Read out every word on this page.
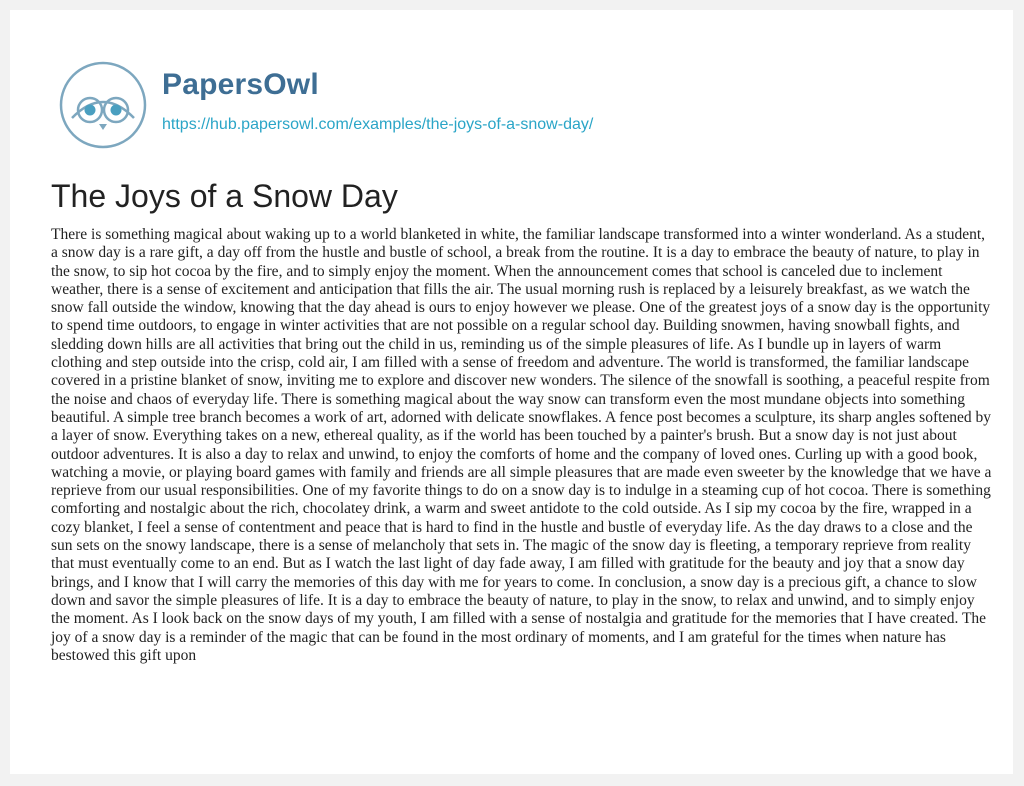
PapersOwl
https://hub.papersowl.com/examples/the-joys-of-a-snow-day/
The Joys of a Snow Day

There is something magical about waking up to a world blanketed in white, the familiar landscape transformed into a winter wonderland. As a student, a snow day is a rare gift, a day off from the hustle and bustle of school, a break from the routine. It is a day to embrace the beauty of nature, to play in the snow, to sip hot cocoa by the fire, and to simply enjoy the moment. When the announcement comes that school is canceled due to inclement weather, there is a sense of excitement and anticipation that fills the air. The usual morning rush is replaced by a leisurely breakfast, as we watch the snow fall outside the window, knowing that the day ahead is ours to enjoy however we please. One of the greatest joys of a snow day is the opportunity to spend time outdoors, to engage in winter activities that are not possible on a regular school day. Building snowmen, having snowball fights, and sledding down hills are all activities that bring out the child in us, reminding us of the simple pleasures of life. As I bundle up in layers of warm clothing and step outside into the crisp, cold air, I am filled with a sense of freedom and adventure. The world is transformed, the familiar landscape covered in a pristine blanket of snow, inviting me to explore and discover new wonders. The silence of the snowfall is soothing, a peaceful respite from the noise and chaos of everyday life. There is something magical about the way snow can transform even the most mundane objects into something beautiful. A simple tree branch becomes a work of art, adorned with delicate snowflakes. A fence post becomes a sculpture, its sharp angles softened by a layer of snow. Everything takes on a new, ethereal quality, as if the world has been touched by a painter's brush. But a snow day is not just about outdoor adventures. It is also a day to relax and unwind, to enjoy the comforts of home and the company of loved ones. Curling up with a good book, watching a movie, or playing board games with family and friends are all simple pleasures that are made even sweeter by the knowledge that we have a reprieve from our usual responsibilities. One of my favorite things to do on a snow day is to indulge in a steaming cup of hot cocoa. There is something comforting and nostalgic about the rich, chocolatey drink, a warm and sweet antidote to the cold outside. As I sip my cocoa by the fire, wrapped in a cozy blanket, I feel a sense of contentment and peace that is hard to find in the hustle and bustle of everyday life. As the day draws to a close and the sun sets on the snowy landscape, there is a sense of melancholy that sets in. The magic of the snow day is fleeting, a temporary reprieve from reality that must eventually come to an end. But as I watch the last light of day fade away, I am filled with gratitude for the beauty and joy that a snow day brings, and I know that I will carry the memories of this day with me for years to come. In conclusion, a snow day is a precious gift, a chance to slow down and savor the simple pleasures of life. It is a day to embrace the beauty of nature, to play in the snow, to relax and unwind, and to simply enjoy the moment. As I look back on the snow days of my youth, I am filled with a sense of nostalgia and gratitude for the memories that I have created. The joy of a snow day is a reminder of the magic that can be found in the most ordinary of moments, and I am grateful for the times when nature has bestowed this gift upon
